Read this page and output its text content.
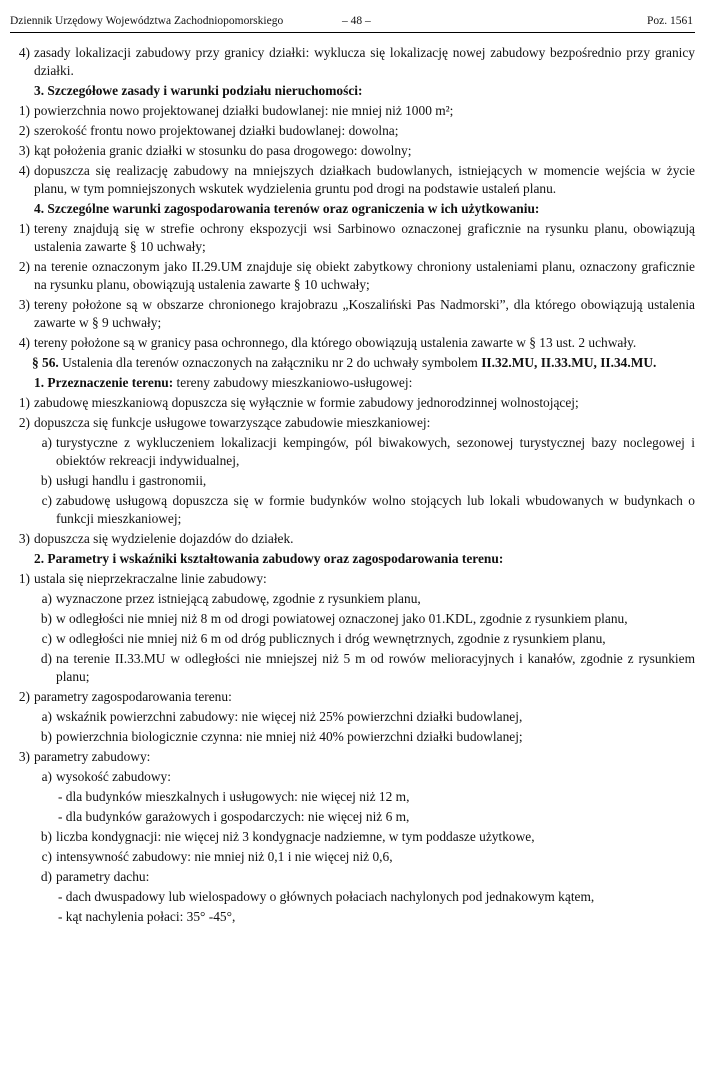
Dziennik Urzędowy Województwa Zachodniopomorskiego	– 48 –	Poz. 1561
4) zasady lokalizacji zabudowy przy granicy działki: wyklucza się lokalizację nowej zabudowy bezpośrednio przy granicy działki.
3. Szczegółowe zasady i warunki podziału nieruchomości:
1) powierzchnia nowo projektowanej działki budowlanej: nie mniej niż 1000 m²;
2) szerokość frontu nowo projektowanej działki budowlanej: dowolna;
3) kąt położenia granic działki w stosunku do pasa drogowego: dowolny;
4) dopuszcza się realizację zabudowy na mniejszych działkach budowlanych, istniejących w momencie wejścia w życie planu, w tym pomniejszonych wskutek wydzielenia gruntu pod drogi na podstawie ustaleń planu.
4. Szczególne warunki zagospodarowania terenów oraz ograniczenia w ich użytkowaniu:
1) tereny znajdują się w strefie ochrony ekspozycji wsi Sarbinowo oznaczonej graficznie na rysunku planu, obowiązują ustalenia zawarte § 10 uchwały;
2) na terenie oznaczonym jako II.29.UM znajduje się obiekt zabytkowy chroniony ustaleniami planu, oznaczony graficznie na rysunku planu, obowiązują ustalenia zawarte § 10 uchwały;
3) tereny położone są w obszarze chronionego krajobrazu „Koszaliński Pas Nadmorski”, dla którego obowiązują ustalenia zawarte w § 9 uchwały;
4) tereny położone są w granicy pasa ochronnego, dla którego obowiązują ustalenia zawarte w § 13 ust. 2 uchwały.
§ 56. Ustalenia dla terenów oznaczonych na załączniku nr 2 do uchwały symbolem II.32.MU, II.33.MU, II.34.MU.
1. Przeznaczenie terenu: tereny zabudowy mieszkaniowo-usługowej:
1) zabudowę mieszkaniową dopuszcza się wyłącznie w formie zabudowy jednorodzinnej wolnostojącej;
2) dopuszcza się funkcje usługowe towarzyszące zabudowie mieszkaniowej:
a) turystyczne z wykluczeniem lokalizacji kempingów, pól biwakowych, sezonowej turystycznej bazy noclegowej i obiektów rekreacji indywidualnej,
b) usługi handlu i gastronomii,
c) zabudowę usługową dopuszcza się w formie budynków wolno stojących lub lokali wbudowanych w budynkach o funkcji mieszkaniowej;
3) dopuszcza się wydzielenie dojazdów do działek.
2. Parametry i wskaźniki kształtowania zabudowy oraz zagospodarowania terenu:
1) ustala się nieprzekraczalne linie zabudowy:
a) wyznaczone przez istniejącą zabudowę, zgodnie z rysunkiem planu,
b) w odległości nie mniej niż 8 m od drogi powiatowej oznaczonej jako 01.KDL, zgodnie z rysunkiem planu,
c) w odległości nie mniej niż 6 m od dróg publicznych i dróg wewnętrznych, zgodnie z rysunkiem planu,
d) na terenie II.33.MU w odległości nie mniejszej niż 5 m od rowów melioracyjnych i kanałów, zgodnie z rysunkiem planu;
2) parametry zagospodarowania terenu:
a) wskaźnik powierzchni zabudowy: nie więcej niż 25% powierzchni działki budowlanej,
b) powierzchnia biologicznie czynna: nie mniej niż 40% powierzchni działki budowlanej;
3) parametry zabudowy:
a) wysokość zabudowy:
- dla budynków mieszkalnych i usługowych: nie więcej niż 12 m,
- dla budynków garażowych i gospodarczych: nie więcej niż 6 m,
b) liczba kondygnacji: nie więcej niż 3 kondygnacje nadziemne, w tym poddasze użytkowe,
c) intensywność zabudowy: nie mniej niż 0,1 i nie więcej niż 0,6,
d) parametry dachu:
- dach dwuspadowy lub wielospadowy o głównych połaciach nachylonych pod jednakowym kątem,
- kąt nachylenia połaci: 35° -45°,
